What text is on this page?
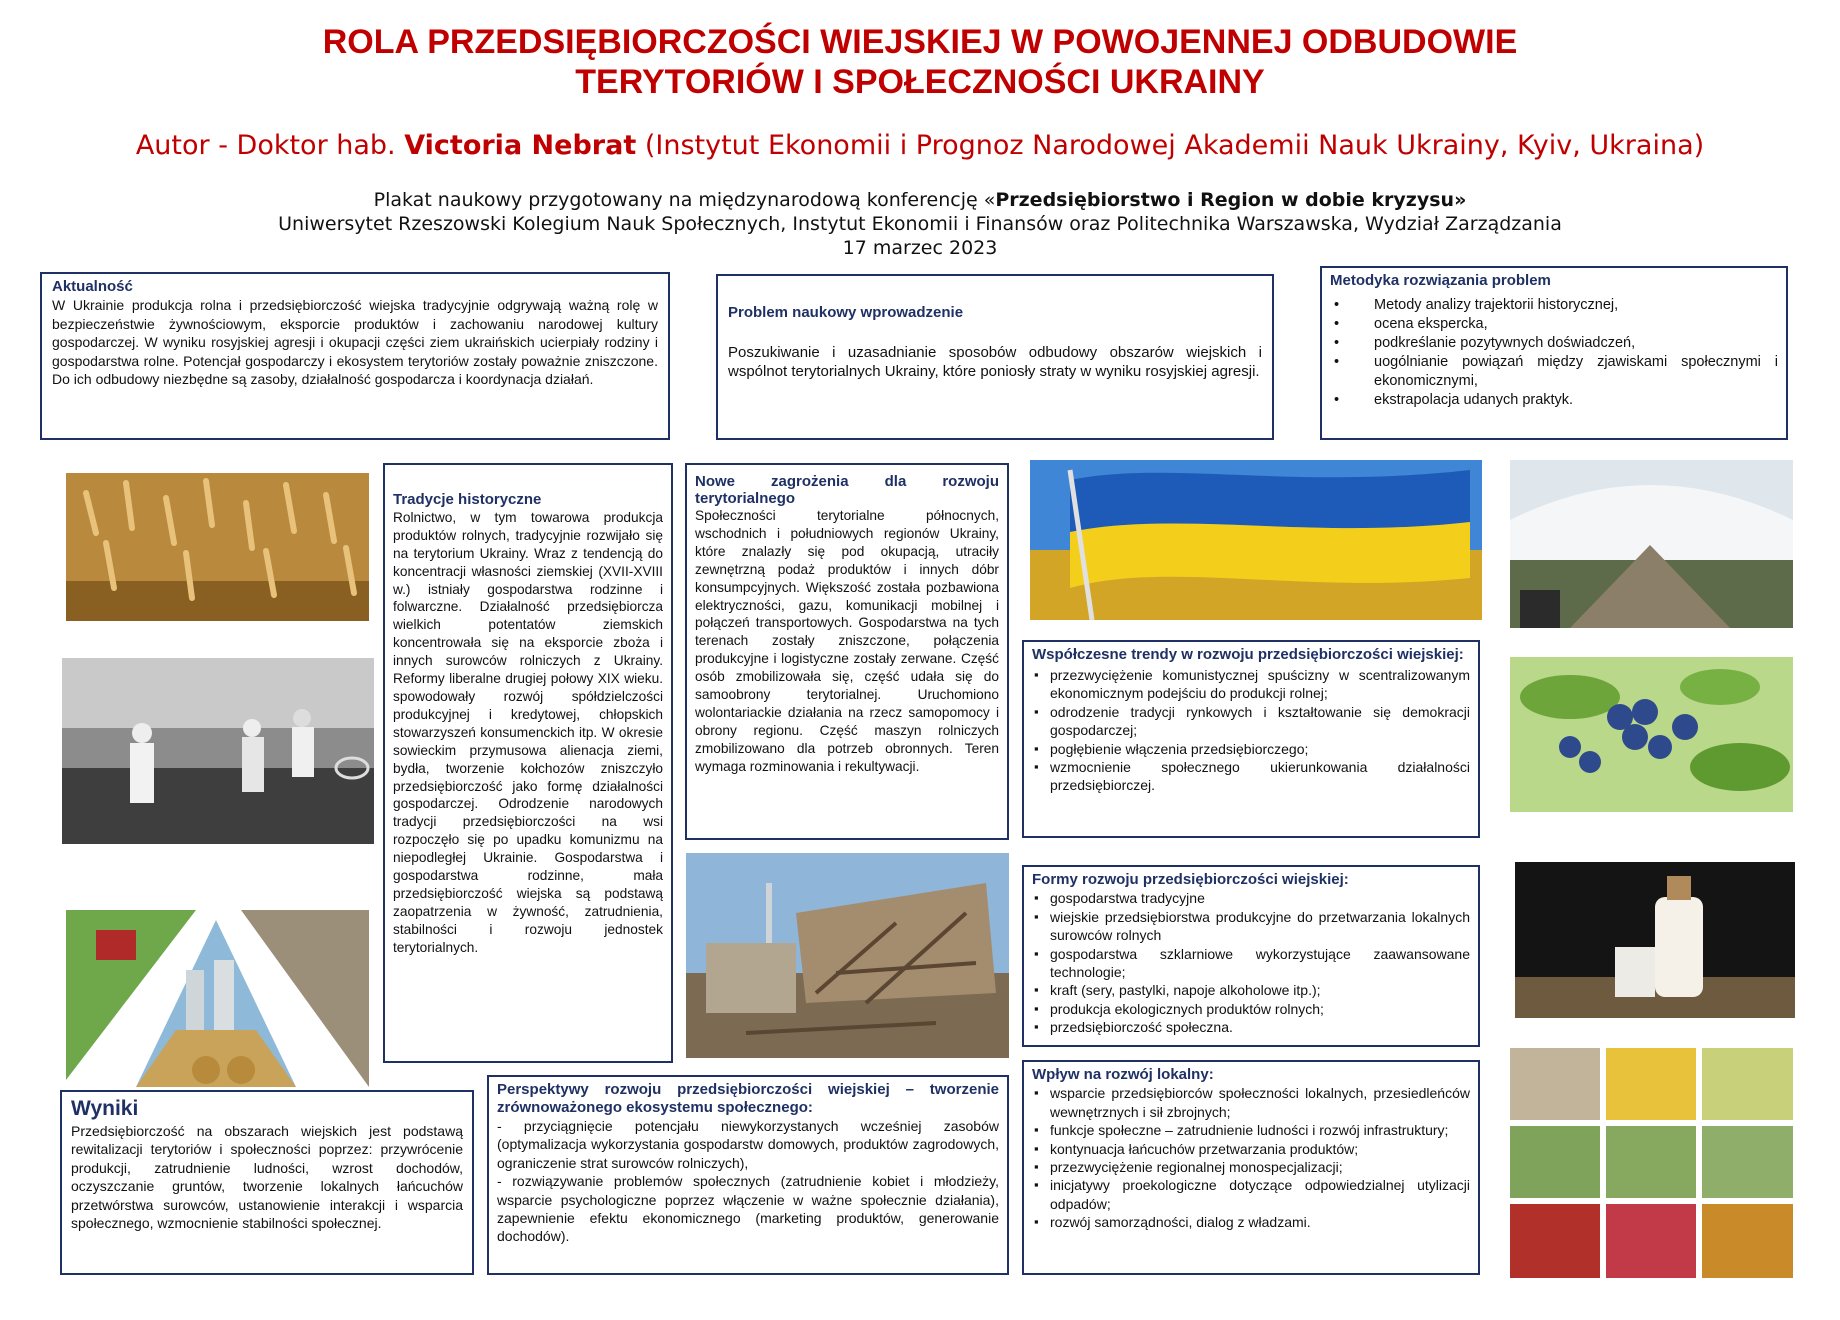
ROLA PRZEDSIĘBIORCZOŚCI WIEJSKIEJ W POWOJENNEJ ODBUDOWIE
TERYTORIÓW I SPOŁECZNOŚCI UKRAINY
Autor - Doktor hab. Victoria Nebrat (Instytut Ekonomii i Prognoz Narodowej Akademii Nauk Ukrainy, Kyiv, Ukraina)
Plakat naukowy przygotowany na międzynarodową konferencję «Przedsiębiorstwo i Region w dobie kryzysu»
Uniwersytet Rzeszowski Kolegium Nauk Społecznych, Instytut Ekonomii i Finansów oraz Politechnika Warszawska, Wydział Zarządzania
17 marzec 2023
Aktualność
W Ukrainie produkcja rolna i przedsiębiorczość wiejska tradycyjnie odgrywają ważną rolę w bezpieczeństwie żywnościowym, eksporcie produktów i zachowaniu narodowej kultury gospodarczej. W wyniku rosyjskiej agresji i okupacji części ziem ukraińskich ucierpiały rodziny i gospodarstwa rolne. Potencjał gospodarczy i ekosystem terytoriów zostały poważnie zniszczone. Do ich odbudowy niezbędne są zasoby, działalność gospodarcza i koordynacja działań.
Problem naukowy wprowadzenie
Poszukiwanie i uzasadnianie sposobów odbudowy obszarów wiejskich i wspólnot terytorialnych Ukrainy, które poniosły straty w wyniku rosyjskiej agresji.
Metodyka rozwiązania problem
• Metody analizy trajektorii historycznej,
• ocena ekspercka,
• podkreślanie pozytywnych doświadczeń,
• uogólnianie powiązań między zjawiskami społecznymi i ekonomicznymi,
• ekstrapolacja udanych praktyk.
Tradycje historyczne
Rolnictwo, w tym towarowa produkcja produktów rolnych, tradycyjnie rozwijało się na terytorium Ukrainy. Wraz z tendencją do koncentracji własności ziemskiej (XVII-XVIII w.) istniały gospodarstwa rodzinne i folwarczne. Działalność przedsiębiorcza wielkich potentatów ziemskich koncentrowała się na eksporcie zboża i innych surowców rolniczych z Ukrainy. Reformy liberalne drugiej połowy XIX wieku. spowodowały rozwój spółdzielczości produkcyjnej i kredytowej, chłopskich stowarzyszeń konsumenckich itp. W okresie sowieckim przymusowa alienacja ziemi, bydła, tworzenie kołchozów zniszczyło przedsiębiorczość jako formę działalności gospodarczej. Odrodzenie narodowych tradycji przedsiębiorczości na wsi rozpoczęło się po upadku komunizmu na niepodległej Ukrainie. Gospodarstwa i gospodarstwa rodzinne, mała przedsiębiorczość wiejska są podstawą zaopatrzenia w żywność, zatrudnienia, stabilności i rozwoju jednostek terytorialnych.
Nowe zagrożenia dla rozwoju terytorialnego
Społeczności terytorialne północnych, wschodnich i południowych regionów Ukrainy, które znalazły się pod okupacją, utraciły zewnętrzną podaż produktów i innych dóbr konsumpcyjnych. Większość została pozbawiona elektryczności, gazu, komunikacji mobilnej i połączeń transportowych. Gospodarstwa na tych terenach zostały zniszczone, połączenia produkcyjne i logistyczne zostały zerwane. Część osób zmobilizowała się, część udała się do samoobrony terytorialnej. Uruchomiono wolontariackie działania na rzecz samopomocy i obrony regionu. Część maszyn rolniczych zmobilizowano dla potrzeb obronnych. Teren wymaga rozminowania i rekultywacji.
Współczesne trendy w rozwoju przedsiębiorczości wiejskiej:
▪ przezwyciężenie komunistycznej spuścizny w scentralizowanym ekonomicznym podejściu do produkcji rolnej;
▪ odrodzenie tradycji rynkowych i kształtowanie się demokracji gospodarczej;
▪ pogłębienie włączenia przedsiębiorczego;
▪ wzmocnienie społecznego ukierunkowania działalności przedsiębiorczej.
Formy rozwoju przedsiębiorczości wiejskiej:
▪ gospodarstwa tradycyjne
▪ wiejskie przedsiębiorstwa produkcyjne do przetwarzania lokalnych surowców rolnych
▪ gospodarstwa szklarniowe wykorzystujące zaawansowane technologie;
▪ kraft (sery, pastylki, napoje alkoholowe itp.);
▪ produkcja ekologicznych produktów rolnych;
▪ przedsiębiorczość społeczna.
Wpływ na rozwój lokalny:
▪ wsparcie przedsiębiorców społeczności lokalnych, przesiedleńców wewnętrznych i sił zbrojnych;
▪ funkcje społeczne – zatrudnienie ludności i rozwój infrastruktury;
▪ kontynuacja łańcuchów przetwarzania produktów;
▪ przezwyciężenie regionalnej monospecjalizacji;
▪ inicjatywy proekologiczne dotyczące odpowiedzialnej utylizacji odpadów;
▪ rozwój samorządności, dialog z władzami.
Wyniki
Przedsiębiorczość na obszarach wiejskich jest podstawą rewitalizacji terytoriów i społeczności poprzez: przywrócenie produkcji, zatrudnienie ludności, wzrost dochodów, oczyszczanie gruntów, tworzenie lokalnych łańcuchów przetwórstwa surowców, ustanowienie interakcji i wsparcia społecznego, wzmocnienie stabilności społecznej.
Perspektywy rozwoju przedsiębiorczości wiejskiej – tworzenie zrównoważonego ekosystemu społecznego:
- przyciągnięcie potencjału niewykorzystanych wcześniej zasobów (optymalizacja wykorzystania gospodarstw domowych, produktów zagrodowych, ograniczenie strat surowców rolniczych),
- rozwiązywanie problemów społecznych (zatrudnienie kobiet i młodzieży, wsparcie psychologiczne poprzez włączenie w ważne społecznie działania), zapewnienie efektu ekonomicznego (marketing produktów, generowanie dochodów).
